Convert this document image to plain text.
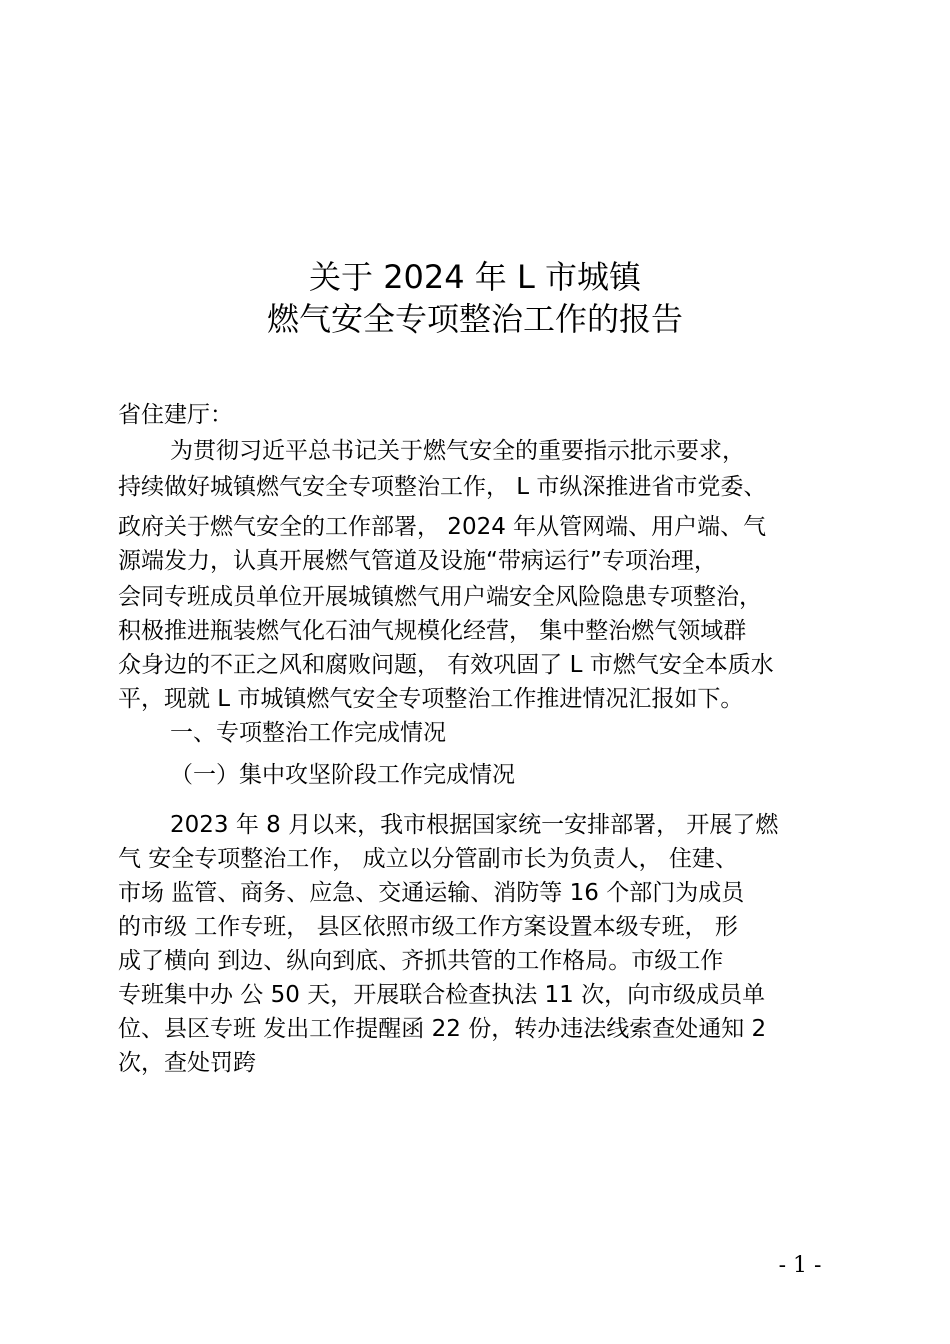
关于 2024 年 L 市城镇
燃气安全专项整治工作的报告
省住建厅：
为贯彻习近平总书记关于燃气安全的重要指示批示要求，
持续做好城镇燃气安全专项整治工作， L 市纵深推进省市党委、
政府关于燃气安全的工作部署， 2024 年从管网端、用户端、气
源端发力，认真开展燃气管道及设施“带病运行”专项治理，
会同专班成员单位开展城镇燃气用户端安全风险隐患专项整治，
积极推进瓶装燃气化石油气规模化经营， 集中整治燃气领域群
众身边的不正之风和腐败问题， 有效巩固了 L 市燃气安全本质水
平，现就 L 市城镇燃气安全专项整治工作推进情况汇报如下。
一、专项整治工作完成情况
（一）集中攻坚阶段工作完成情况
2023 年 8 月以来，我市根据国家统一安排部署， 开展了燃
气 安全专项整治工作， 成立以分管副市长为负责人， 住建、
市场 监管、商务、应急、交通运输、消防等 16 个部门为成员
的市级 工作专班， 县区依照市级工作方案设置本级专班， 形
成了横向 到边、纵向到底、齐抓共管的工作格局。市级工作
专班集中办 公 50 天，开展联合检查执法 11 次，向市级成员单
位、县区专班 发出工作提醒函 22 份，转办违法线索查处通知 2
次，查处罚跨
- 1 -
